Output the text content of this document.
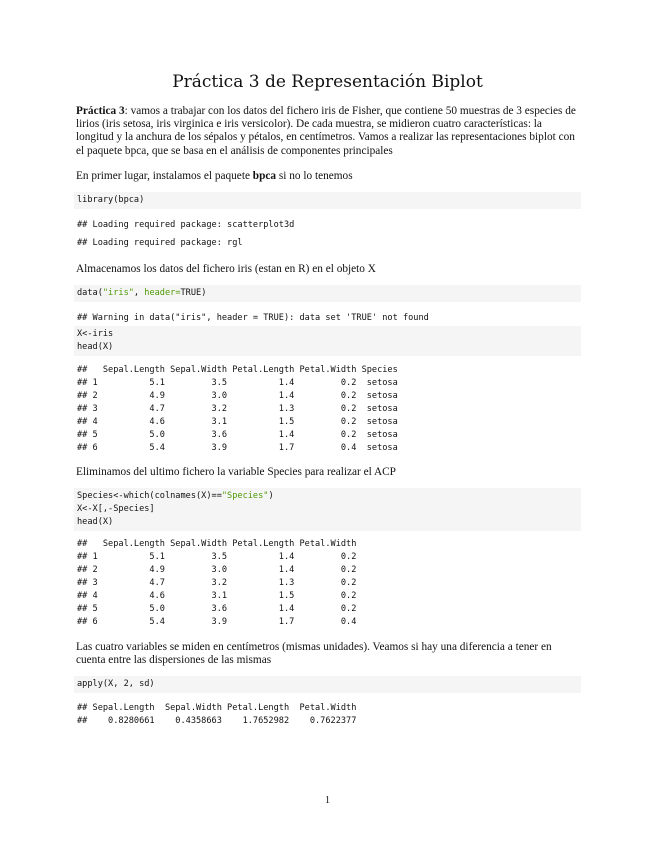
Práctica 3 de Representación Biplot
Práctica 3: vamos a trabajar con los datos del fichero iris de Fisher, que contiene 50 muestras de 3 especies de lirios (iris setosa, iris virginica e iris versicolor). De cada muestra, se midieron cuatro características: la longitud y la anchura de los sépalos y pétalos, en centímetros. Vamos a realizar las representaciones biplot con el paquete bpca, que se basa en el análisis de componentes principales
En primer lugar, instalamos el paquete bpca si no lo tenemos
library(bpca)
## Loading required package: scatterplot3d
## Loading required package: rgl
Almacenamos los datos del fichero iris (estan en R) en el objeto X
data("iris", header=TRUE)
## Warning in data("iris", header = TRUE): data set 'TRUE' not found
X<-iris
head(X)
##   Sepal.Length Sepal.Width Petal.Length Petal.Width Species
## 1          5.1         3.5          1.4         0.2  setosa
## 2          4.9         3.0          1.4         0.2  setosa
## 3          4.7         3.2          1.3         0.2  setosa
## 4          4.6         3.1          1.5         0.2  setosa
## 5          5.0         3.6          1.4         0.2  setosa
## 6          5.4         3.9          1.7         0.4  setosa
Eliminamos del ultimo fichero la variable Species para realizar el ACP
Species<-which(colnames(X)=="Species")
X<-X[,-Species]
head(X)
##   Sepal.Length Sepal.Width Petal.Length Petal.Width
## 1          5.1         3.5          1.4         0.2
## 2          4.9         3.0          1.4         0.2
## 3          4.7         3.2          1.3         0.2
## 4          4.6         3.1          1.5         0.2
## 5          5.0         3.6          1.4         0.2
## 6          5.4         3.9          1.7         0.4
Las cuatro variables se miden en centímetros (mismas unidades). Veamos si hay una diferencia a tener en cuenta entre las dispersiones de las mismas
apply(X, 2, sd)
## Sepal.Length  Sepal.Width Petal.Length  Petal.Width
##    0.8280661    0.4358663    1.7652982    0.7622377
1
